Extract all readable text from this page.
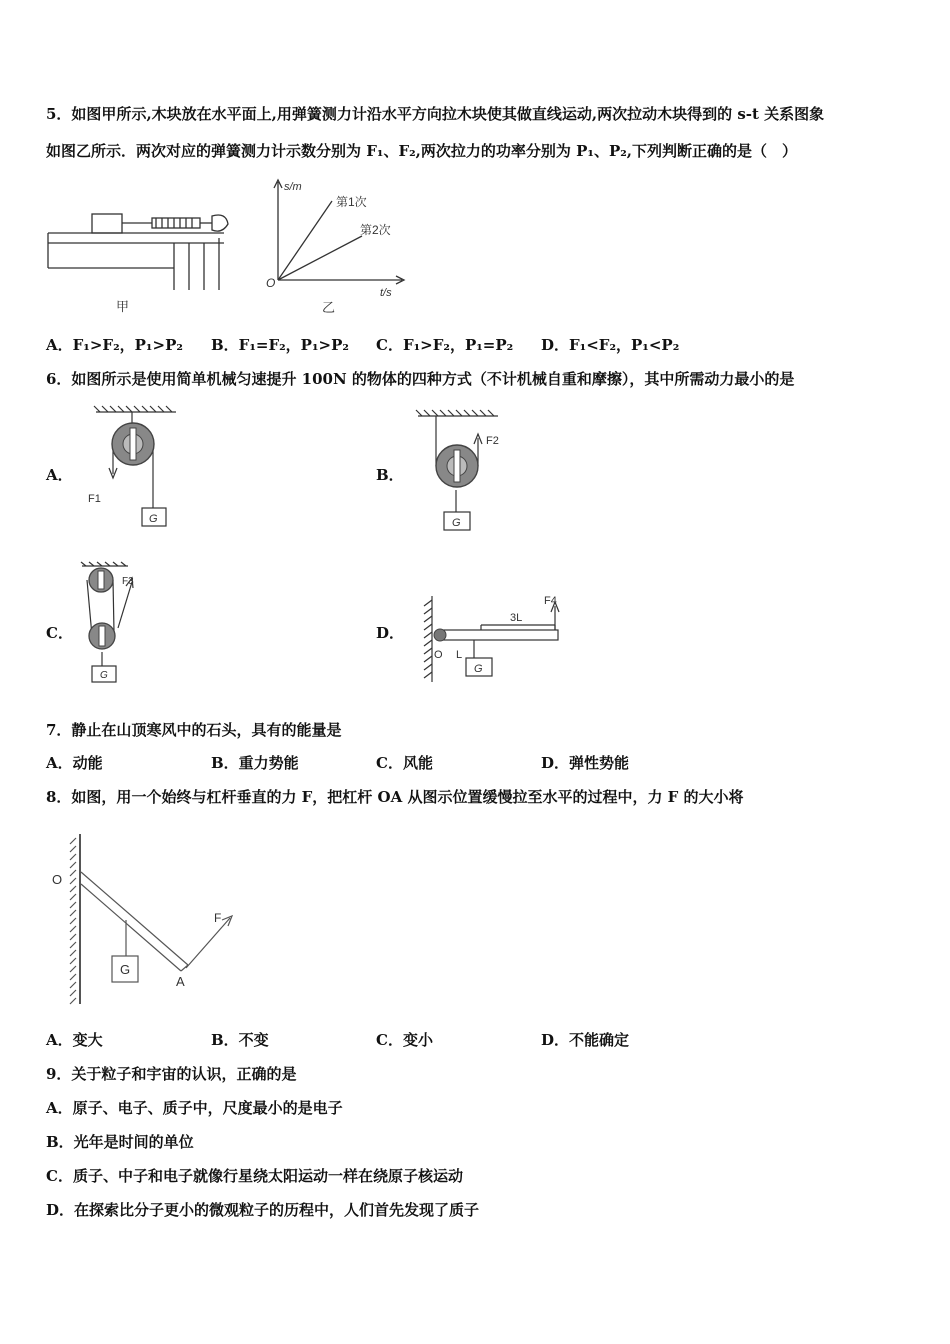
5．如图甲所示,木块放在水平面上,用弹簧测力计沿水平方向拉木块使其做直线运动,两次拉动木块得到的 s-t 关系图象
如图乙所示．两次对应的弹簧测力计示数分别为 F₁、F₂,两次拉力的功率分别为 P₁、P₂,下列判断正确的是（　）
甲
s/m
t/s
O
第1次
第2次
乙
A．F₁>F₂，P₁>P₂ B．F₁=F₂，P₁>P₂ C．F₁>F₂，P₁=P₂ D．F₁<F₂，P₁<P₂
6．如图所示是使用简单机械匀速提升 100N 的物体的四种方式（不计机械自重和摩擦），其中所需动力最小的是
A．
F1
G
B．
F2
G
C．
F3
G
D．
O
3L
L
F4
G
7．静止在山顶寒风中的石头，具有的能量是
A．动能	B．重力势能	C．风能	D．弹性势能
8．如图，用一个始终与杠杆垂直的力 F，把杠杆 OA 从图示位置缓慢拉至水平的过程中，力 F 的大小将
O
A
F
G
A．变大	B．不变	C．变小	D．不能确定
9．关于粒子和宇宙的认识，正确的是
A．原子、电子、质子中，尺度最小的是电子
B．光年是时间的单位
C．质子、中子和电子就像行星绕太阳运动一样在绕原子核运动
D．在探索比分子更小的微观粒子的历程中，人们首先发现了质子
